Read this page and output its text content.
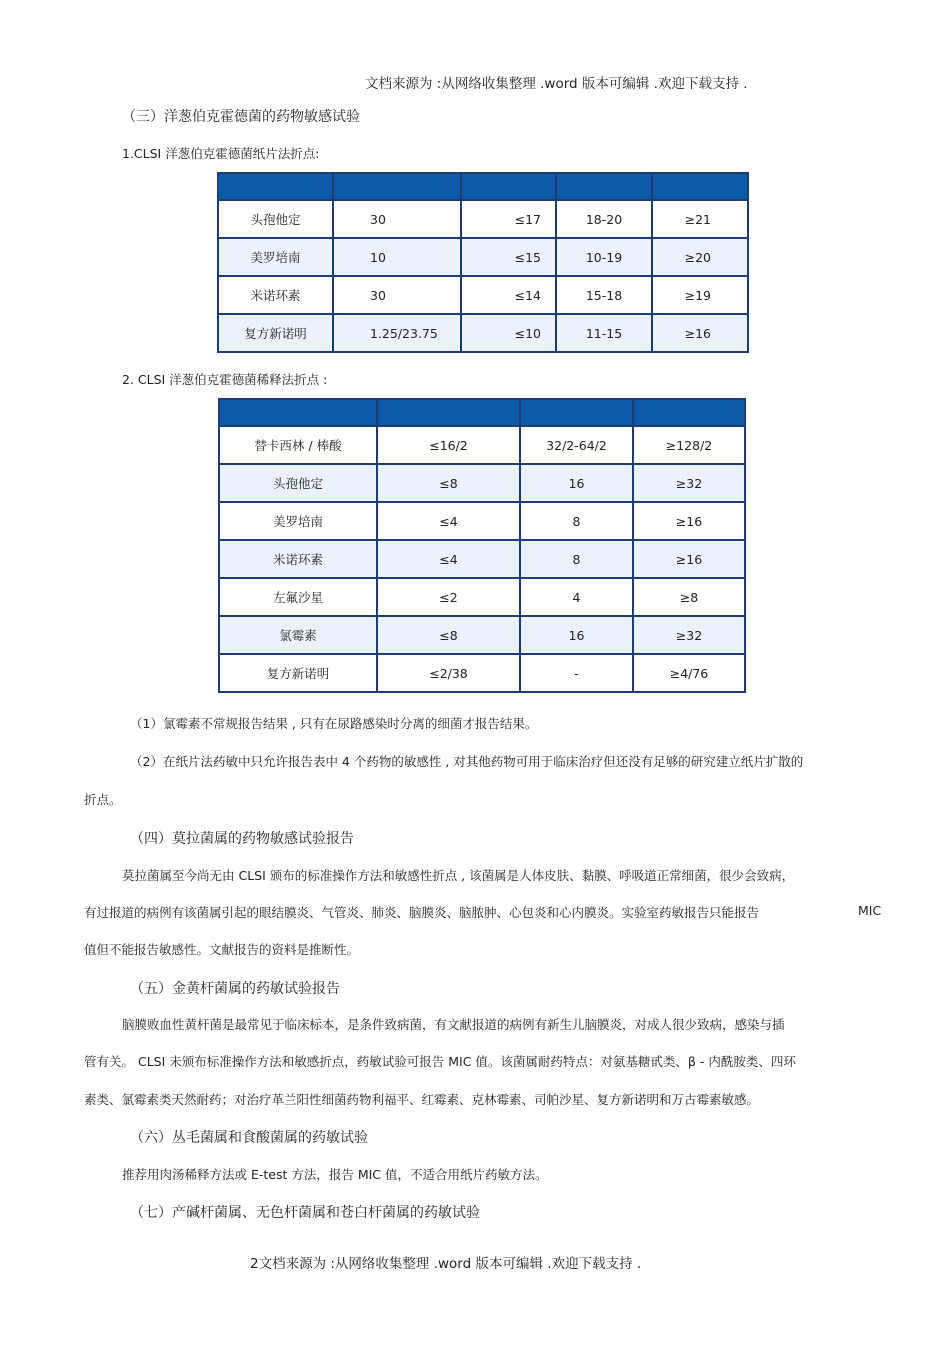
文档来源为 :从网络收集整理 .word 版本可编辑 .欢迎下载支持 .
（三）洋葱伯克霍德菌的药物敏感试验
1.CLSI 洋葱伯克霍德菌纸片法折点:

头孢他定	30	≤17	18-20	≥21
美罗培南	10	≤15	10-19	≥20
米诺环素	30	≤14	15-18	≥19
复方新诺明	1.25/23.75	≤10	11-15	≥16
2. CLSI 洋葱伯克霍德菌稀释法折点 :

替卡西林 / 棒酸	≤16/2	32/2-64/2	≥128/2
头孢他定	≤8	16	≥32
美罗培南	≤4	8	≥16
米诺环素	≤4	8	≥16
左氟沙星	≤2	4	≥8
氯霉素	≤8	16	≥32
复方新诺明	≤2/38	-	≥4/76
（1）氯霉素不常规报告结果 , 只有在尿路感染时分离的细菌才报告结果。
（2）在纸片法药敏中只允许报告表中 4 个药物的敏感性 , 对其他药物可用于临床治疗但还没有足够的研究建立纸片扩散的
折点。
（四）莫拉菌属的药物敏感试验报告
莫拉菌属至今尚无由 CLSI 颁布的标准操作方法和敏感性折点 , 该菌属是人体皮肤、黏膜、呼吸道正常细菌，很少会致病，
有过报道的病例有该菌属引起的眼结膜炎、气管炎、肺炎、脑膜炎、脑脓肿、心包炎和心内膜炎。实验室药敏报告只能报告	MIC
值但不能报告敏感性。文献报告的资料是推断性。
（五）金黄杆菌属的药敏试验报告
脑膜败血性黄杆菌是最常见于临床标本，是条件致病菌，有文献报道的病例有新生儿脑膜炎，对成人很少致病，感染与插
管有关。 CLSI 未颁布标准操作方法和敏感折点，药敏试验可报告 MIC 值。该菌属耐药特点：对氨基糖甙类、β - 内酰胺类、四环
素类、氯霉素类天然耐药；对治疗革兰阳性细菌药物利福平、红霉素、克林霉素、司帕沙星、复方新诺明和万古霉素敏感。
（六）丛毛菌属和食酸菌属的药敏试验
推荐用肉汤稀释方法或 E-test 方法，报告 MIC 值，不适合用纸片药敏方法。
（七）产碱杆菌属、无色杆菌属和苍白杆菌属的药敏试验
2文档来源为 :从网络收集整理 .word 版本可编辑 .欢迎下载支持 .
